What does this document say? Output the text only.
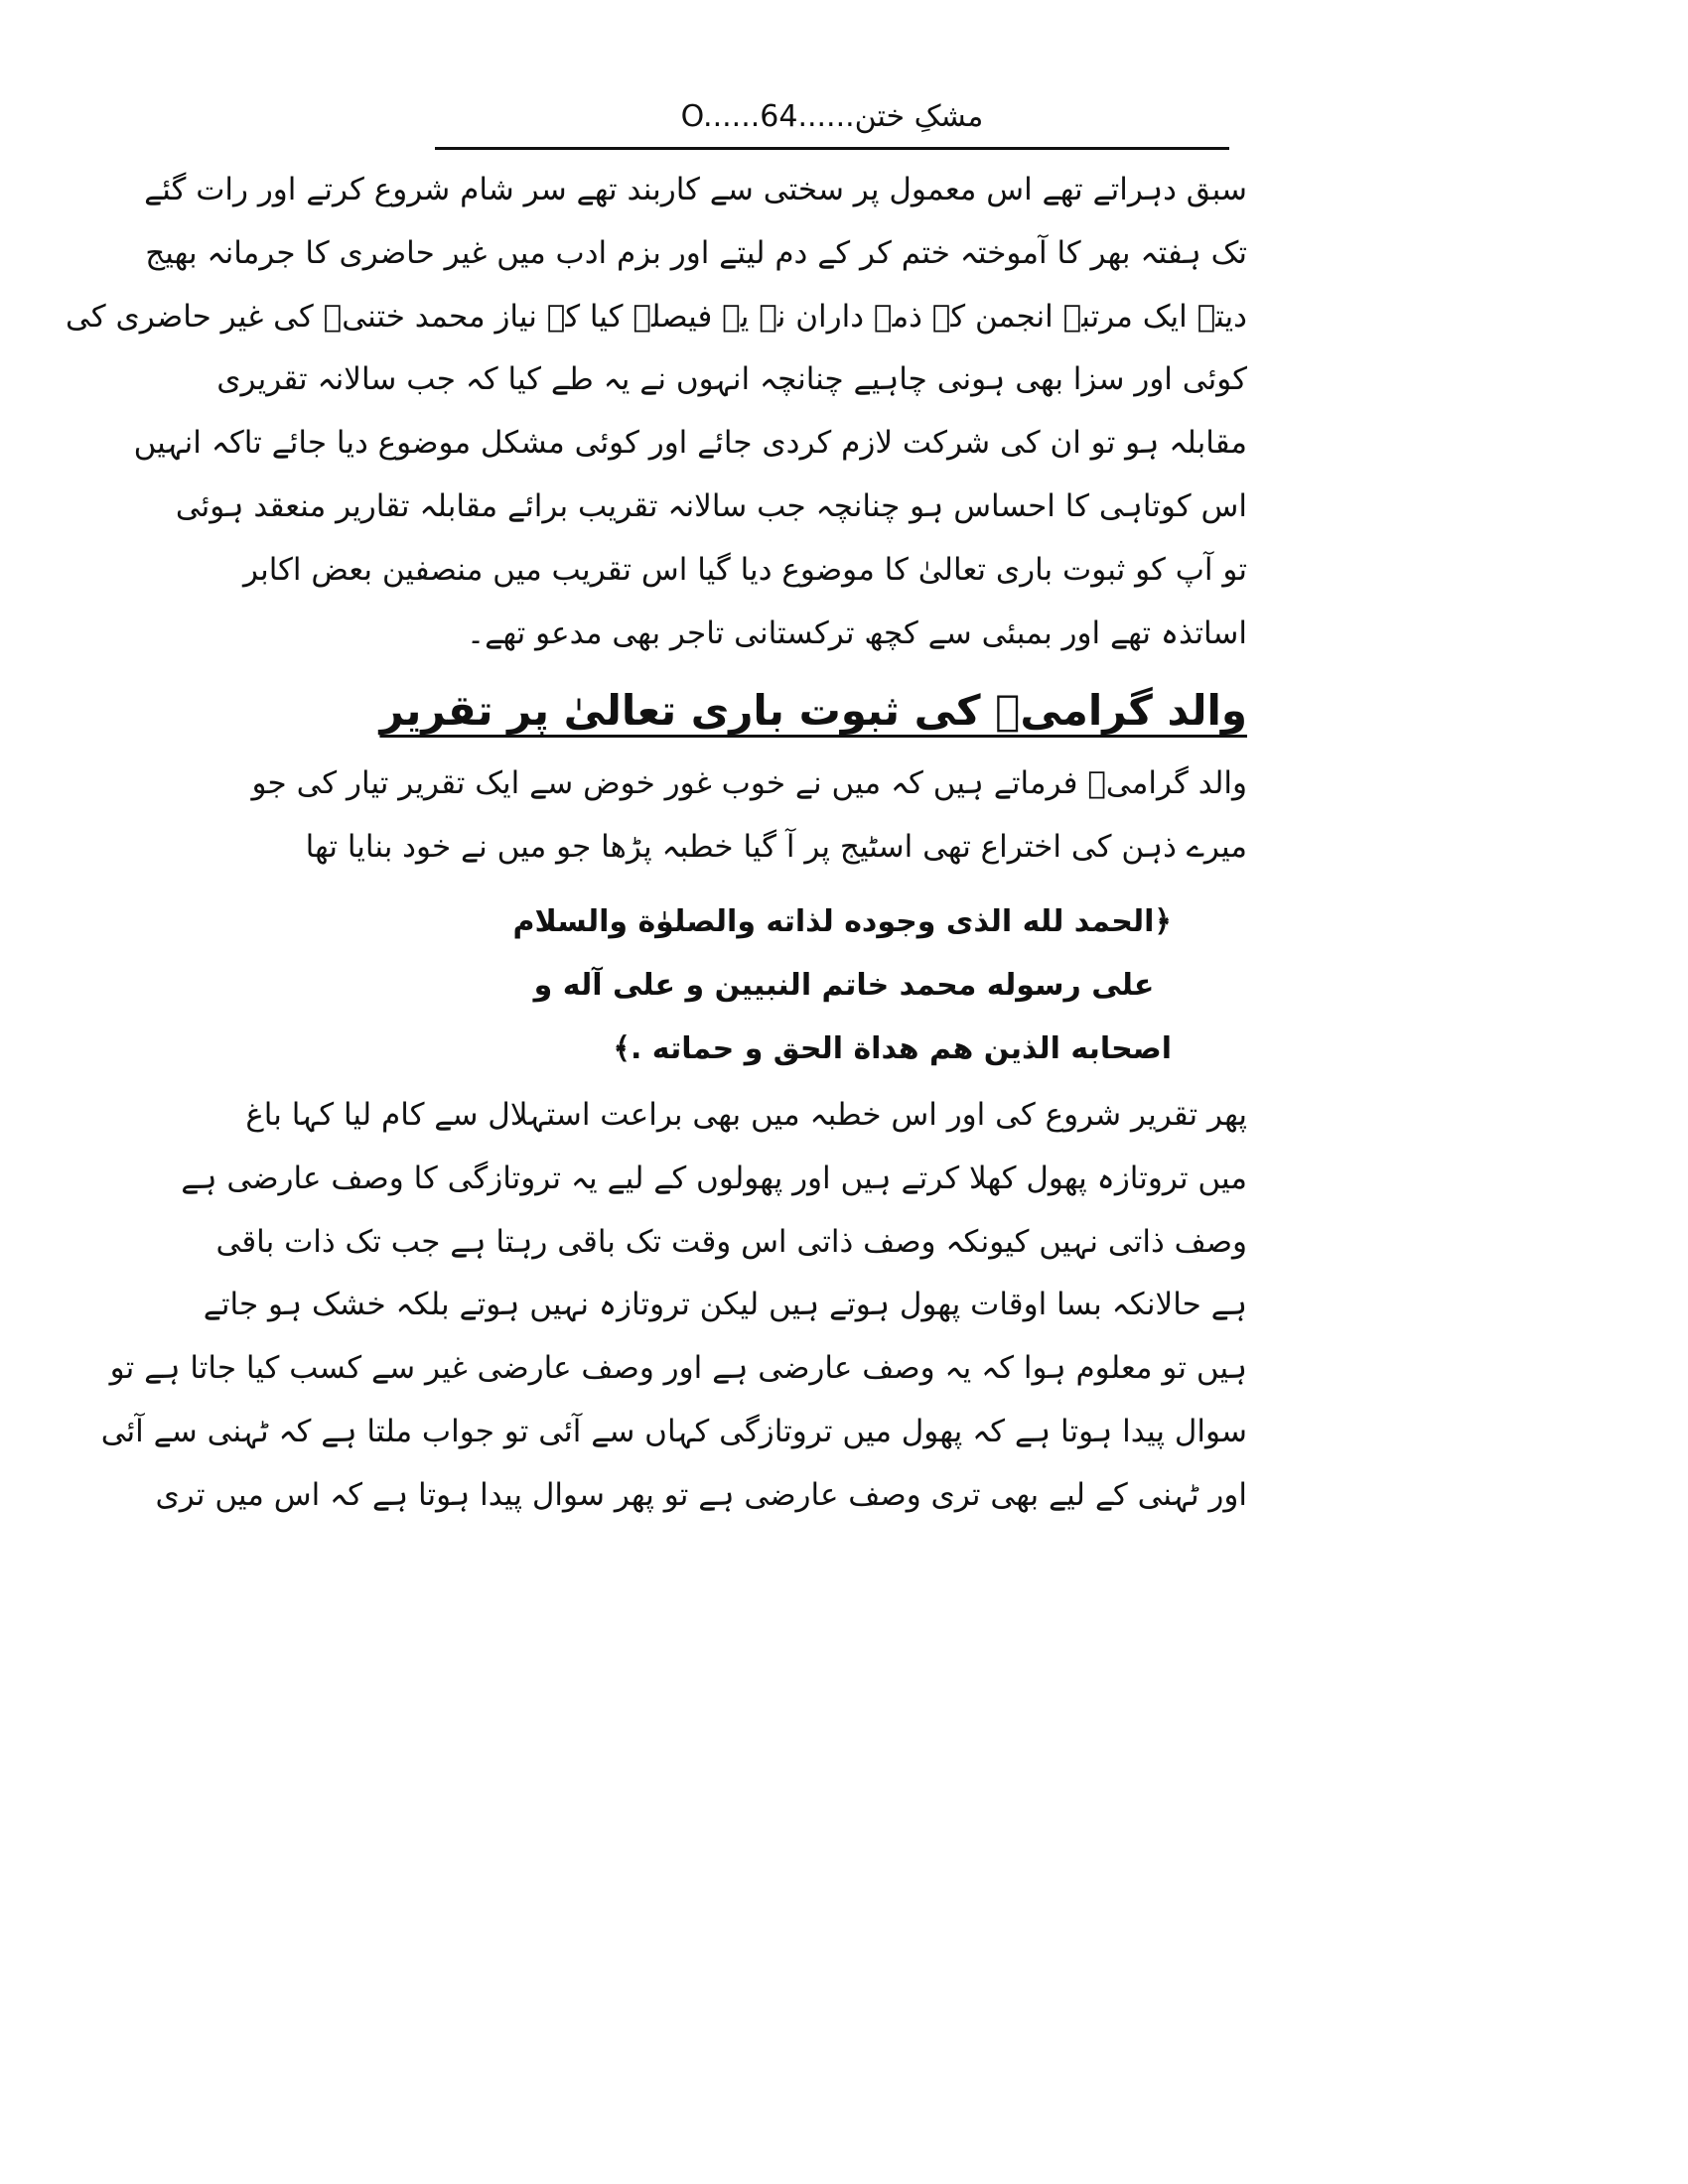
مشکِ ختن......O......64
سبق دہراتے تھے اس معمول پر سختی سے کاربند تھے سر شام شروع کرتے اور رات گئے
تک ہفتہ بھر کا آموختہ ختم کر کے دم لیتے اور بزم ادب میں غیر حاضری کا جرمانہ بھیج
دیتے ایک مرتبہ انجمن کے ذمہ داران نے یہ فیصلہ کیا کہ نیاز محمد ختنیؒ کی غیر حاضری کی
کوئی اور سزا بھی ہونی چاہیے چنانچہ انہوں نے یہ طے کیا کہ جب سالانہ تقریری
مقابلہ ہو تو ان کی شرکت لازم کردی جائے اور کوئی مشکل موضوع دیا جائے تاکہ انہیں
اس کوتاہی کا احساس ہو چنانچہ جب سالانہ تقریب برائے مقابلہ تقاریر منعقد ہوئی
تو آپ کو ثبوت باری تعالیٰ کا موضوع دیا گیا اس تقریب میں منصفین بعض اکابر
اساتذہ تھے اور بمبئی سے کچھ ترکستانی تاجر بھی مدعو تھے۔
والد گرامیؒ کی ثبوت باری تعالیٰ پر تقریر
والد گرامیؒ فرماتے ہیں کہ میں نے خوب غور خوض سے ایک تقریر تیار کی جو
میرے ذہن کی اختراع تھی اسٹیج پر آ گیا خطبہ پڑھا جو میں نے خود بنایا تھا
﴿الحمد لله الذی وجوده لذاته والصلوٰة والسلام
علی رسوله محمد خاتم النبیین و علی آله و
اصحابه الذین هم هداة الحق و حماته .﴾
پھر تقریر شروع کی اور اس خطبہ میں بھی براعت استہلال سے کام لیا کہا باغ
میں تروتازہ پھول کھلا کرتے ہیں اور پھولوں کے لیے یہ تروتازگی کا وصف عارضی ہے
وصف ذاتی نہیں کیونکہ وصف ذاتی اس وقت تک باقی رہتا ہے جب تک ذات باقی
ہے حالانکہ بسا اوقات پھول ہوتے ہیں لیکن تروتازہ نہیں ہوتے بلکہ خشک ہو جاتے
ہیں تو معلوم ہوا کہ یہ وصف عارضی ہے اور وصف عارضی غیر سے کسب کیا جاتا ہے تو
سوال پیدا ہوتا ہے کہ پھول میں تروتازگی کہاں سے آئی تو جواب ملتا ہے کہ ٹہنی سے آئی
اور ٹہنی کے لیے بھی تری وصف عارضی ہے تو پھر سوال پیدا ہوتا ہے کہ اس میں تری
